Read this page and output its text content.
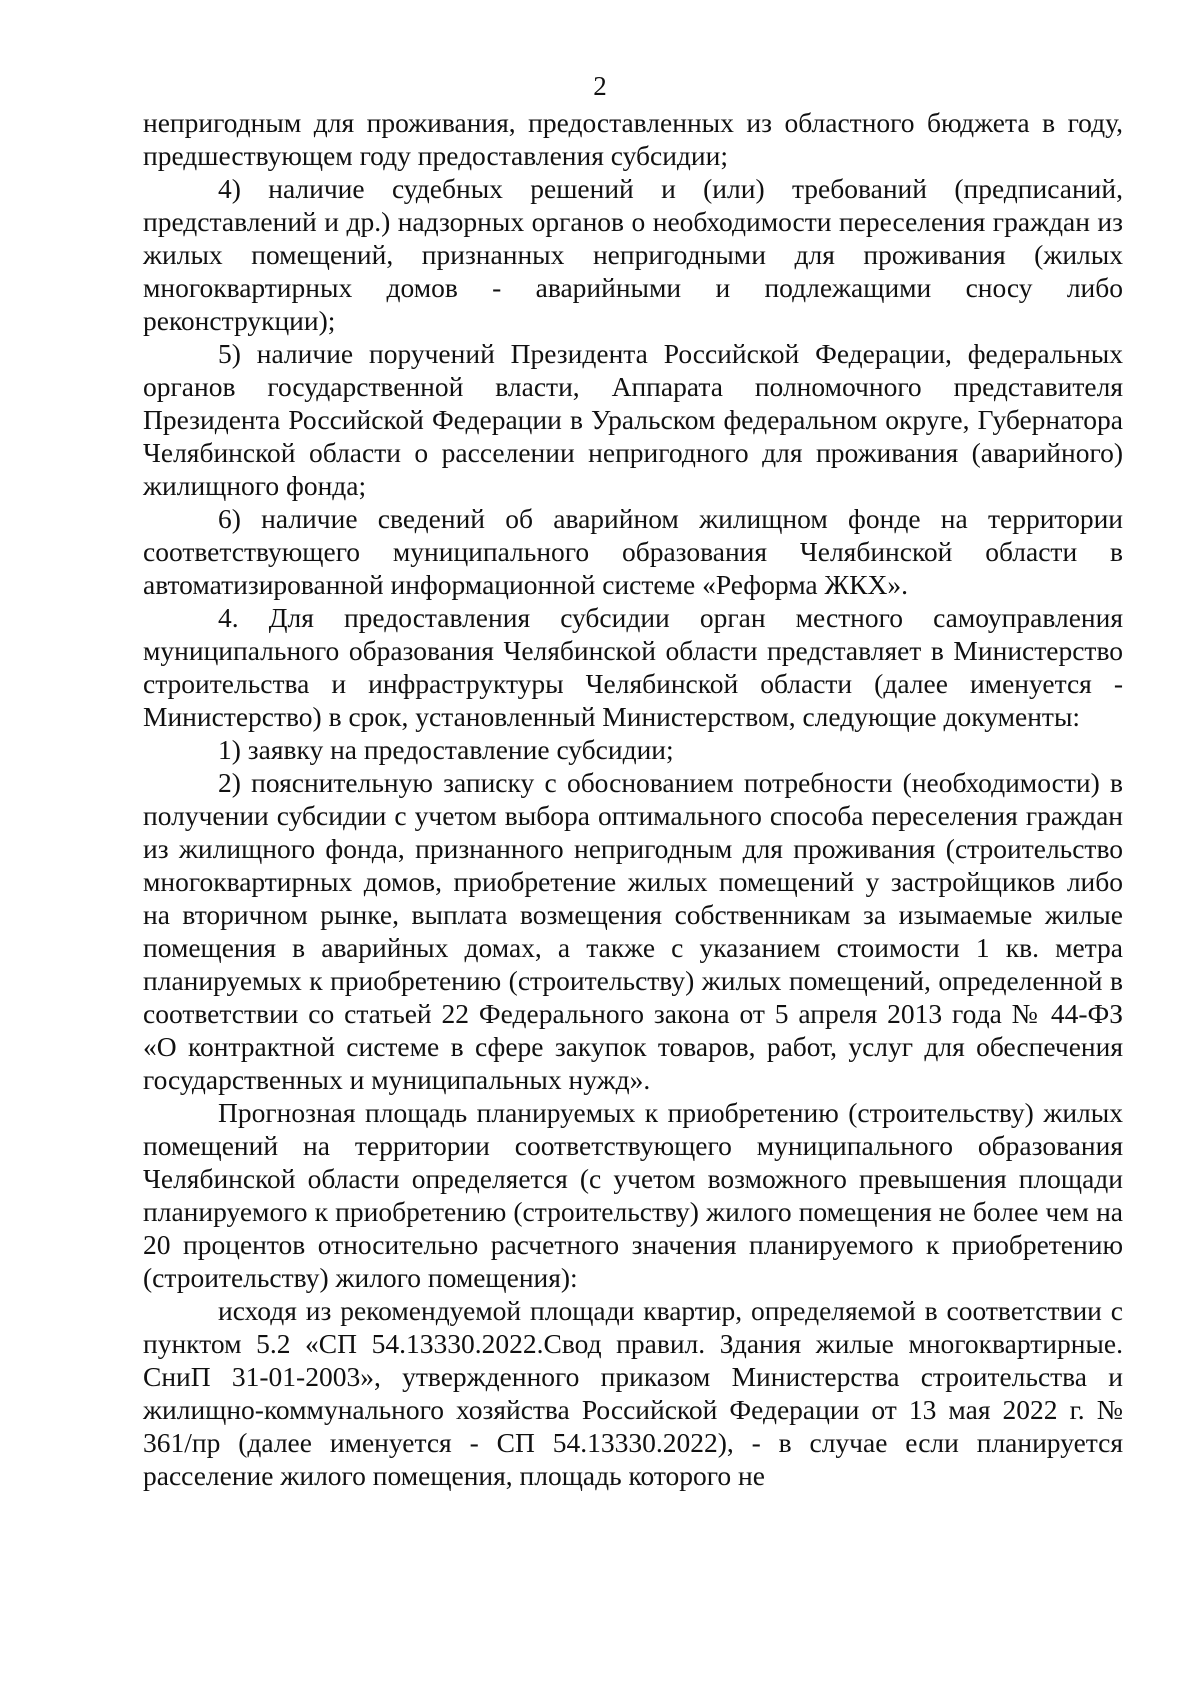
2

непригодным для проживания, предоставленных из областного бюджета в году, предшествующем году предоставления субсидии;

4) наличие судебных решений и (или) требований (предписаний, представлений и др.) надзорных органов о необходимости переселения граждан из жилых помещений, признанных непригодными для проживания (жилых многоквартирных домов - аварийными и подлежащими сносу либо реконструкции);

5) наличие поручений Президента Российской Федерации, федеральных органов государственной власти, Аппарата полномочного представителя Президента Российской Федерации в Уральском федеральном округе, Губернатора Челябинской области о расселении непригодного для проживания (аварийного) жилищного фонда;

6) наличие сведений об аварийном жилищном фонде на территории соответствующего муниципального образования Челябинской области в автоматизированной информационной системе «Реформа ЖКХ».

4. Для предоставления субсидии орган местного самоуправления муниципального образования Челябинской области представляет в Министерство строительства и инфраструктуры Челябинской области (далее именуется - Министерство) в срок, установленный Министерством, следующие документы:

1) заявку на предоставление субсидии;

2) пояснительную записку с обоснованием потребности (необходимости) в получении субсидии с учетом выбора оптимального способа переселения граждан из жилищного фонда, признанного непригодным для проживания (строительство многоквартирных домов, приобретение жилых помещений у застройщиков либо на вторичном рынке, выплата возмещения собственникам за изымаемые жилые помещения в аварийных домах, а также с указанием стоимости 1 кв. метра планируемых к приобретению (строительству) жилых помещений, определенной в соответствии со статьей 22 Федерального закона от 5 апреля 2013 года № 44-ФЗ «О контрактной системе в сфере закупок товаров, работ, услуг для обеспечения государственных и муниципальных нужд».

Прогнозная площадь планируемых к приобретению (строительству) жилых помещений на территории соответствующего муниципального образования Челябинской области определяется (с учетом возможного превышения площади планируемого к приобретению (строительству) жилого помещения не более чем на 20 процентов относительно расчетного значения планируемого к приобретению (строительству) жилого помещения):

исходя из рекомендуемой площади квартир, определяемой в соответствии с пунктом 5.2 «СП 54.13330.2022.Свод правил. Здания жилые многоквартирные. СниП 31-01-2003», утвержденного приказом Министерства строительства и жилищно-коммунального хозяйства Российской Федерации от 13 мая 2022 г. № 361/пр (далее именуется - СП 54.13330.2022), - в случае если планируется расселение жилого помещения, площадь которого не
